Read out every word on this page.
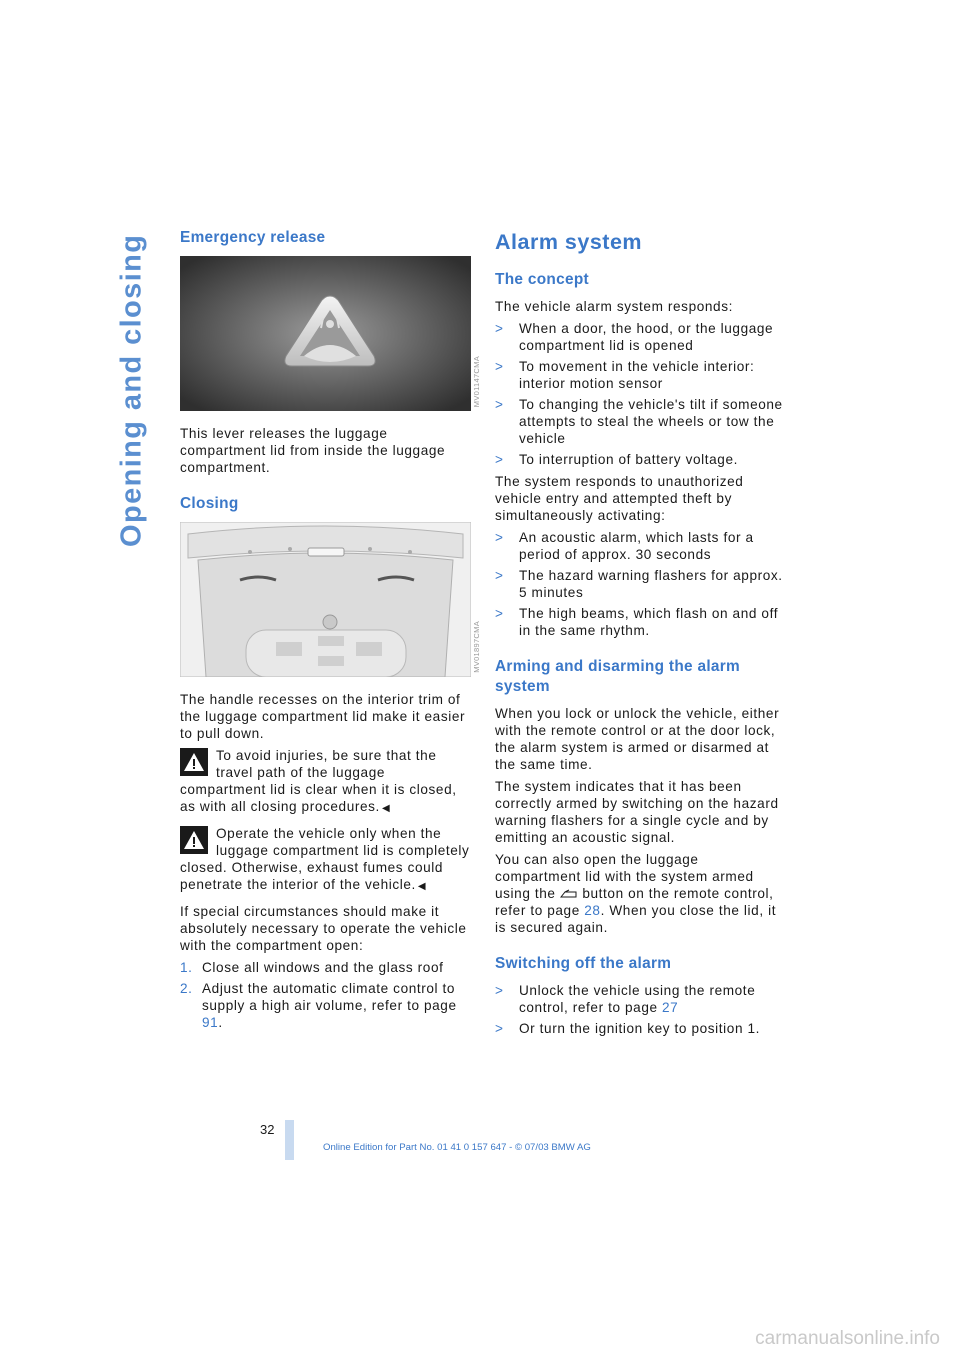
Opening and closing Emergency release
MV01147CMA

This lever releases the luggage compartment lid from inside the luggage compartment.

Closing
MV01897CMA

The handle recesses on the interior trim of the luggage compartment lid make it easier to pull down.

To avoid injuries, be sure that the travel path of the luggage compartment lid is clear when it is closed, as with all closing procedures. ◀
Operate the vehicle only when the luggage compartment lid is completely closed. Otherwise, exhaust fumes could penetrate the interior of the vehicle. ◀

If special circumstances should make it absolutely necessary to operate the vehicle with the compartment open:

1. Close all windows and the glass roof
2. Adjust the automatic climate control to supply a high air volume, refer to page 91.
Alarm system
The concept

The vehicle alarm system responds:

> When a door, the hood, or the luggage compartment lid is opened
> To movement in the vehicle interior: interior motion sensor
> To changing the vehicle's tilt if someone attempts to steal the wheels or tow the vehicle
> To interruption of battery voltage.

The system responds to unauthorized vehicle entry and attempted theft by simultaneously activating:

> An acoustic alarm, which lasts for a period of approx. 30 seconds
> The hazard warning flashers for approx. 5 minutes
> The high beams, which flash on and off in the same rhythm.
Arming and disarming the alarm system

When you lock or unlock the vehicle, either with the remote control or at the door lock, the alarm system is armed or disarmed at the same time.

The system indicates that it has been correctly armed by switching on the hazard warning flashers for a single cycle and by emitting an acoustic signal.

You can also open the luggage compartment lid with the system armed using the  button on the remote control, refer to page 28. When you close the lid, it is secured again.

Switching off the alarm
> Unlock the vehicle using the remote control, refer to page 27
> Or turn the ignition key to position 1.
32
Online Edition for Part No. 01 41 0 157 647 - © 07/03 BMW AG
carmanualsonline.info
